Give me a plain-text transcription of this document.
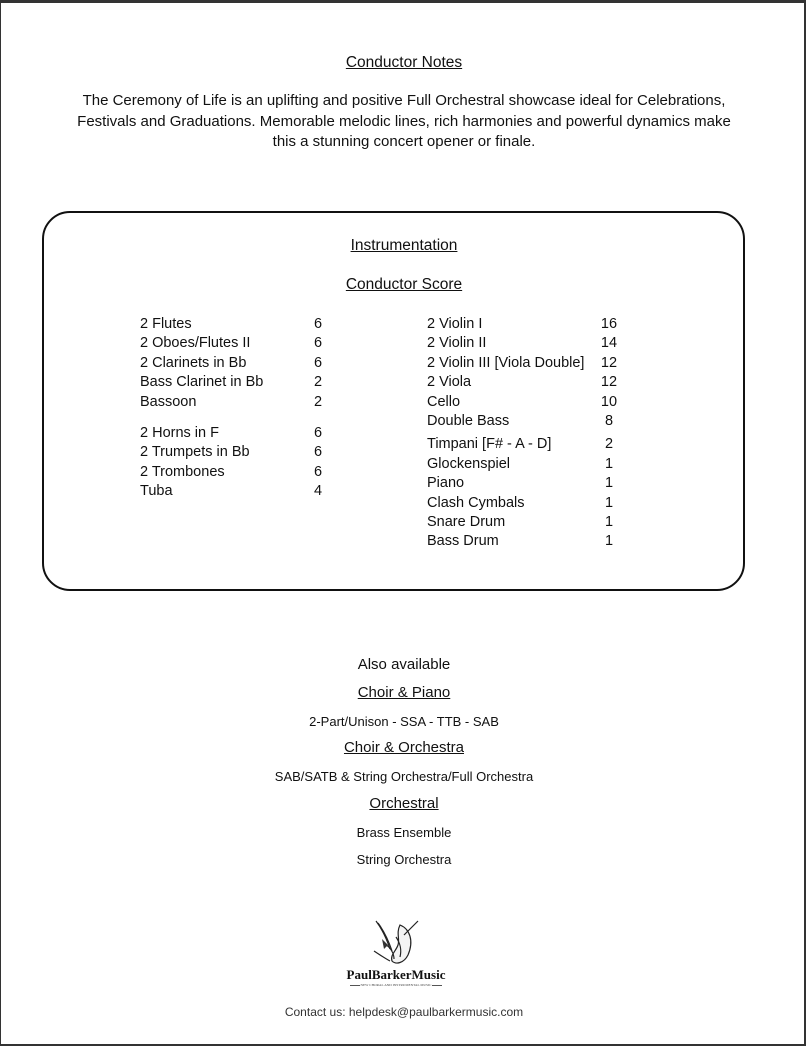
Conductor Notes
The Ceremony of Life is an uplifting and positive Full Orchestral showcase ideal for Celebrations,
Festivals and Graduations. Memorable melodic lines, rich harmonies and powerful dynamics make
this a stunning concert opener or finale.
Instrumentation
Conductor Score
2 Flutes
2 Oboes/Flutes II
2 Clarinets in Bb
Bass Clarinet in Bb
Bassoon
2 Horns in F
2 Trumpets in Bb
2 Trombones
Tuba
6
6
6
2
2
6
6
6
4
2 Violin I
2 Violin II
2 Violin III [Viola Double]
2 Viola
Cello
Double Bass
Timpani [F# - A - D]
Glockenspiel
Piano
Clash Cymbals
Snare Drum
Bass Drum
16
14
12
12
10
8
2
1
1
1
1
1
Also available
Choir & Piano
2-Part/Unison - SSA - TTB - SAB
Choir & Orchestra
SAB/SATB & String Orchestra/Full Orchestra
Orchestral
Brass Ensemble
String Orchestra
PaulBarkerMusic
NEW CHORAL AND INSTRUMENTAL MUSIC
Contact us: helpdesk@paulbarkermusic.com
